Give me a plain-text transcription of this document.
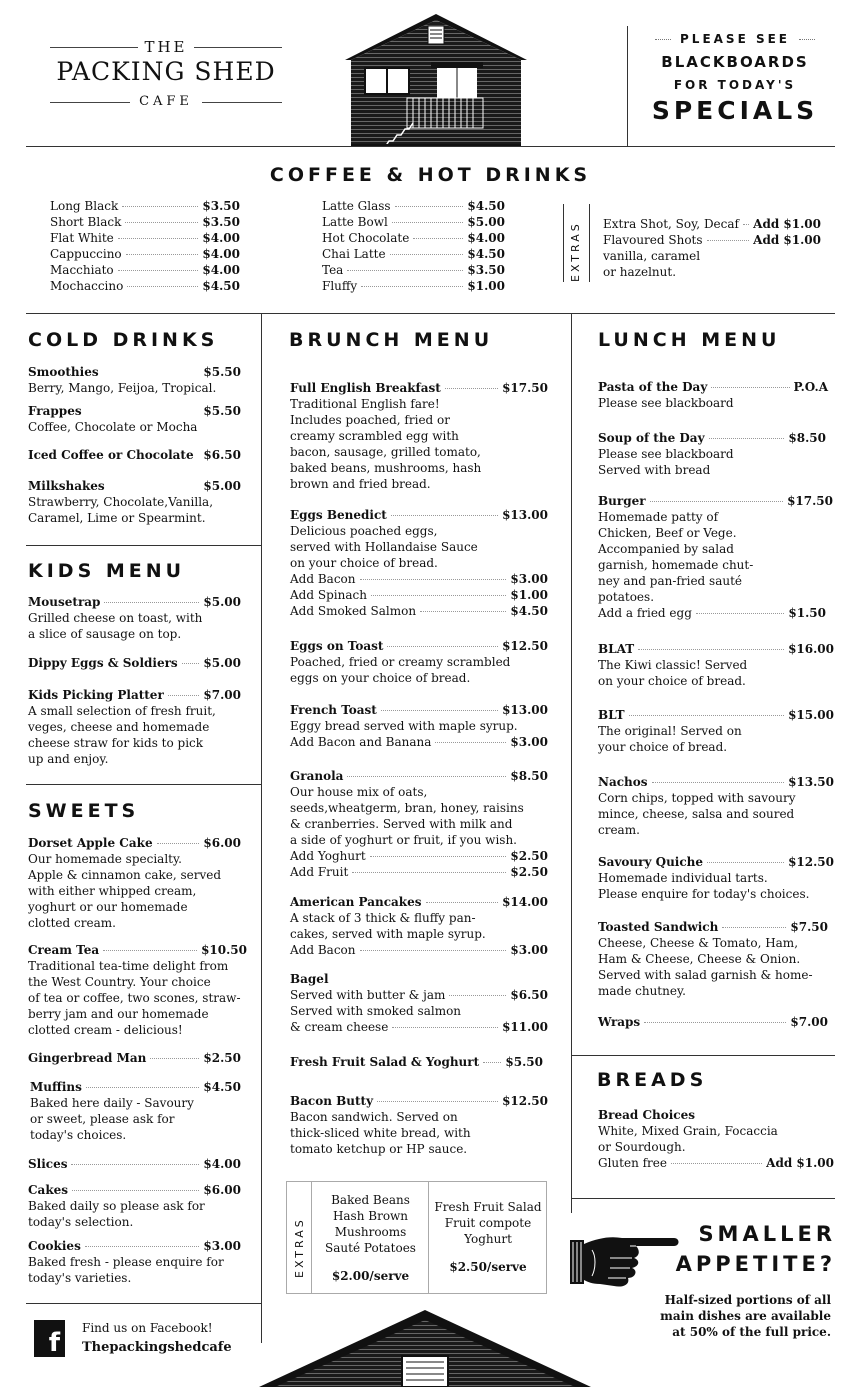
THE
PACKING SHED
CAFE
PLEASE SEE
BLACKBOARDS
FOR TODAY'S
SPECIALS
COFFEE & HOT DRINKS
Long Black	$3.50
Short Black	$3.50
Flat White	$4.00
Cappuccino	$4.00
Macchiato	$4.00
Mochaccino	$4.50
Latte Glass	$4.50
Latte Bowl	$5.00
Hot Chocolate	$4.00
Chai Latte	$4.50
Tea	$3.50
Fluffy	$1.00
EXTRAS Extra Shot, Soy, Decaf Add $1.00
Flavoured Shots	Add $1.00
vanilla, caramel
or hazelnut.
COLD DRINKS
Smoothies	$5.50
Berry, Mango, Feijoa, Tropical.
Frappes	$5.50
Coffee, Chocolate or Mocha
Iced Coffee or Chocolate $6.50
Milkshakes	$5.00
Strawberry, Chocolate,Vanilla,
Caramel, Lime or Spearmint.
KIDS MENU
Mousetrap	$5.00
Grilled cheese on toast, with
a slice of sausage on top.
Dippy Eggs & Soldiers $5.00
Kids Picking Platter	$7.00
A small selection of fresh fruit,
veges, cheese and homemade
cheese straw for kids to pick
up and enjoy.
SWEETS
Dorset Apple Cake	$6.00
Our homemade specialty.
Apple & cinnamon cake, served
with either whipped cream,
yoghurt or our homemade
clotted cream.
Cream Tea	$10.50
Traditional tea-time delight from
the West Country. Your choice
of tea or coffee, two scones, straw-
berry jam and our homemade
clotted cream - delicious!
Gingerbread Man	$2.50
Muffins	$4.50
Baked here daily - Savoury
or sweet, please ask for
today's choices.
Slices	$4.00
Cakes	$6.00
Baked daily so please ask for
today's selection.
Cookies	$3.00
Baked fresh - please enquire for
today's varieties.
f	Find us on Facebook!
Thepackingshedcafe
BRUNCH MENU
Full English Breakfast	$17.50
Traditional English fare!
Includes poached, fried or
creamy scrambled egg with
bacon, sausage, grilled tomato,
baked beans, mushrooms, hash
brown and fried bread.
Eggs Benedict	$13.00
Delicious poached eggs,
served with Hollandaise Sauce
on your choice of bread.
Add Bacon	$3.00
Add Spinach	$1.00
Add Smoked Salmon	$4.50
Eggs on Toast	$12.50
Poached, fried or creamy scrambled
eggs on your choice of bread.
French Toast	$13.00
Eggy bread served with maple syrup.
Add Bacon and Banana	$3.00
Granola	$8.50
Our house mix of oats,
seeds,wheatgerm, bran, honey, raisins
& cranberries. Served with milk and
a side of yoghurt or fruit, if you wish.
Add Yoghurt	$2.50
Add Fruit	$2.50
American Pancakes	$14.00
A stack of 3 thick & fluffy pan-
cakes, served with maple syrup.
Add Bacon	$3.00
Bagel
Served with butter & jam	$6.50
Served with smoked salmon
& cream cheese	$11.00
Fresh Fruit Salad & Yoghurt $5.50
Bacon Butty	$12.50
Bacon sandwich. Served on
thick-sliced white bread, with
tomato ketchup or HP sauce.
EXTRAS
Baked Beans
Hash Brown
Mushrooms
Sauté Potatoes
$2.00/serve
Fresh Fruit Salad
Fruit compote
Yoghurt
$2.50/serve
LUNCH MENU
Pasta of the Day	P.O.A
Please see blackboard
Soup of the Day	$8.50
Please see blackboard
Served with bread
Burger	$17.50
Homemade patty of
Chicken, Beef or Vege.
Accompanied by salad
garnish, homemade chut-
ney and pan-fried sauté
potatoes.
Add a fried egg	$1.50
BLAT	$16.00
The Kiwi classic! Served
on your choice of bread.
BLT	$15.00
The original! Served on
your choice of bread.
Nachos	$13.50
Corn chips, topped with savoury
mince, cheese, salsa and soured
cream.
Savoury Quiche	$12.50
Homemade individual tarts.
Please enquire for today's choices.
Toasted Sandwich	$7.50
Cheese, Cheese & Tomato, Ham,
Ham & Cheese, Cheese & Onion.
Served with salad garnish & home-
made chutney.
Wraps	$7.00
BREADS
Bread Choices
White, Mixed Grain, Focaccia
or Sourdough.
Gluten free	Add $1.00
SMALLER
APPETITE?
Half-sized portions of all
main dishes are available
at 50% of the full price.
